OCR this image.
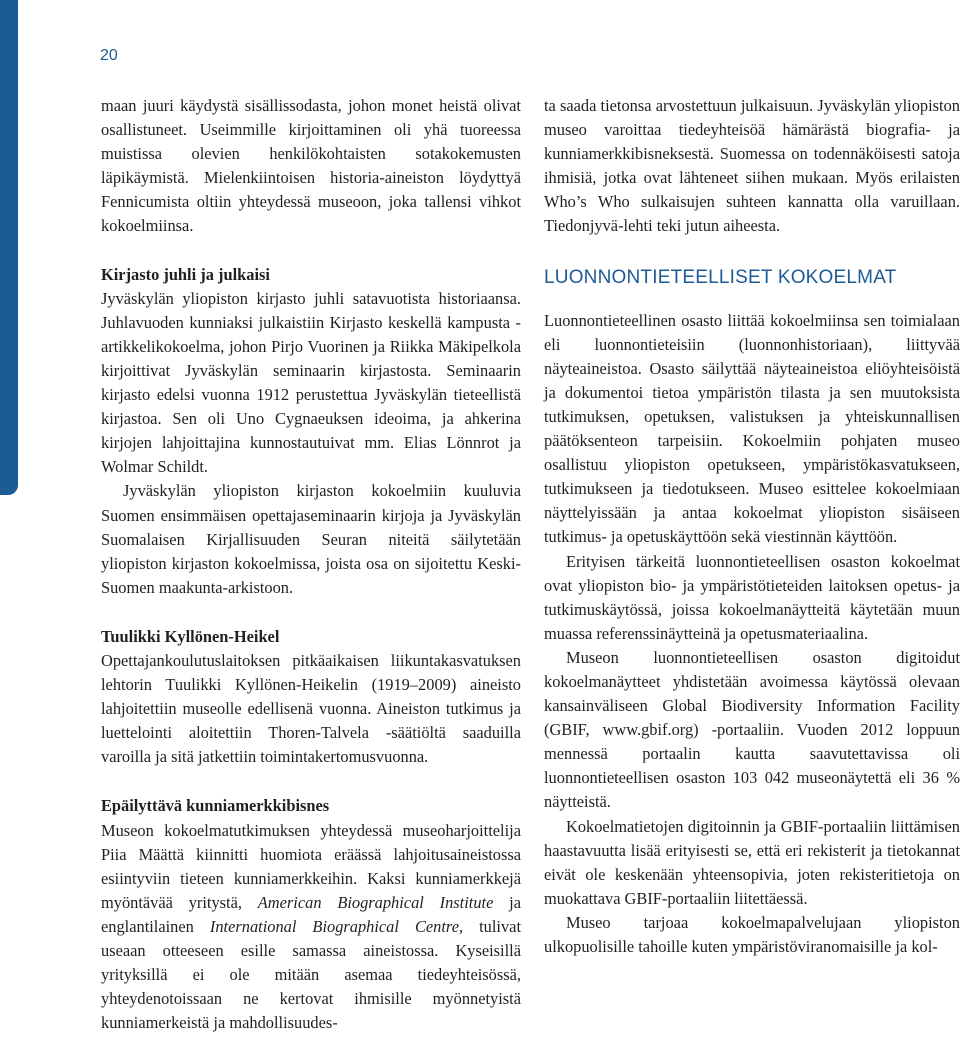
20

maan juuri käydystä sisällissodasta, johon monet heistä olivat osallistuneet. Useimmille kirjoittaminen oli yhä tuoreessa muistissa olevien henkilökohtaisten sotakokemusten läpikäymistä. Mielenkiintoisen historia-aineiston löydyttyä Fennicumista oltiin yhteydessä museoon, joka tallensi vihkot kokoelmiinsa.

Kirjasto juhli ja julkaisi

Jyväskylän yliopiston kirjasto juhli satavuotista historiaansa. Juhlavuoden kunniaksi julkaistiin Kirjasto keskellä kampusta -artikkelikokoelma, johon Pirjo Vuorinen ja Riikka Mäkipelkola kirjoittivat Jyväskylän seminaarin kirjastosta. Seminaarin kirjasto edelsi vuonna 1912 perustettua Jyväskylän tieteellistä kirjastoa. Sen oli Uno Cygnaeuksen ideoima, ja ahkerina kirjojen lahjoittajina kunnostautuivat mm. Elias Lönnrot ja Wolmar Schildt.

Jyväskylän yliopiston kirjaston kokoelmiin kuuluvia Suomen ensimmäisen opettajaseminaarin kirjoja ja Jyväskylän Suomalaisen Kirjallisuuden Seuran niteitä säilytetään yliopiston kirjaston kokoelmissa, joista osa on sijoitettu Keski-Suomen maakunta-arkistoon.

Tuulikki Kyllönen-Heikel

Opettajankoulutuslaitoksen pitkäaikaisen liikuntakasvatuksen lehtorin Tuulikki Kyllönen-Heikelin (1919–2009) aineisto lahjoitettiin museolle edellisenä vuonna. Aineiston tutkimus ja luettelointi aloitettiin Thoren-Talvela -säätiöltä saaduilla varoilla ja sitä jatkettiin toimintakertomusvuonna.

Epäilyttävä kunniamerkkibisnes

Museon kokoelmatutkimuksen yhteydessä museoharjoittelija Piia Määttä kiinnitti huomiota eräässä lahjoitusaineistossa esiintyviin tieteen kunniamerkkeihin. Kaksi kunniamerkkejä myöntävää yritystä, American Biographical Institute ja englantilainen International Biographical Centre, tulivat useaan otteeseen esille samassa aineistossa. Kyseisillä yrityksillä ei ole mitään asemaa tiedeyhteisössä, yhteydenotoissaan ne kertovat ihmisille myönnetyistä kunniamerkeistä ja mahdollisuudes-

ta saada tietonsa arvostettuun julkaisuun. Jyväskylän yliopiston museo varoittaa tiedeyhteisöä hämärästä biografia- ja kunniamerkkibisneksestä. Suomessa on todennäköisesti satoja ihmisiä, jotka ovat lähteneet siihen mukaan. Myös erilaisten Who’s Who sulkaisujen suhteen kannatta olla varuillaan. Tiedonjyvä-lehti teki jutun aiheesta.

LUONNONTIETEELLISET KOKOELMAT

Luonnontieteellinen osasto liittää kokoelmiinsa sen toimialaan eli luonnontieteisiin (luonnonhistoriaan), liittyvää näyteaineistoa. Osasto säilyttää näyteaineistoa eliöyhteisöistä ja dokumentoi tietoa ympäristön tilasta ja sen muutoksista tutkimuksen, opetuksen, valistuksen ja yhteiskunnallisen päätöksenteon tarpeisiin. Kokoelmiin pohjaten museo osallistuu yliopiston opetukseen, ympäristökasvatukseen, tutkimukseen ja tiedotukseen. Museo esittelee kokoelmiaan näyttelyissään ja antaa kokoelmat yliopiston sisäiseen tutkimus- ja opetuskäyttöön sekä viestinnän käyttöön.

Erityisen tärkeitä luonnontieteellisen osaston kokoelmat ovat yliopiston bio- ja ympäristötieteiden laitoksen opetus- ja tutkimuskäytössä, joissa kokoelmanäytteitä käytetään muun muassa referenssinäytteinä ja opetusmateriaalina.

Museon luonnontieteellisen osaston digitoidut kokoelmanäytteet yhdistetään avoimessa käytössä olevaan kansainväliseen Global Biodiversity Information Facility (GBIF, www.gbif.org) -portaaliin. Vuoden 2012 loppuun mennessä portaalin kautta saavutettavissa oli luonnontieteellisen osaston 103 042 museonäytettä eli 36 % näytteistä.

Kokoelmatietojen digitoinnin ja GBIF-portaaliin liittämisen haastavuutta lisää erityisesti se, että eri rekisterit ja tietokannat eivät ole keskenään yhteensopivia, joten rekisteritietoja on muokattava GBIF-portaaliin liitettäessä.

Museo tarjoaa kokoelmapalvelujaan yliopiston ulkopuolisille tahoille kuten ympäristöviranomaisille ja kol-
